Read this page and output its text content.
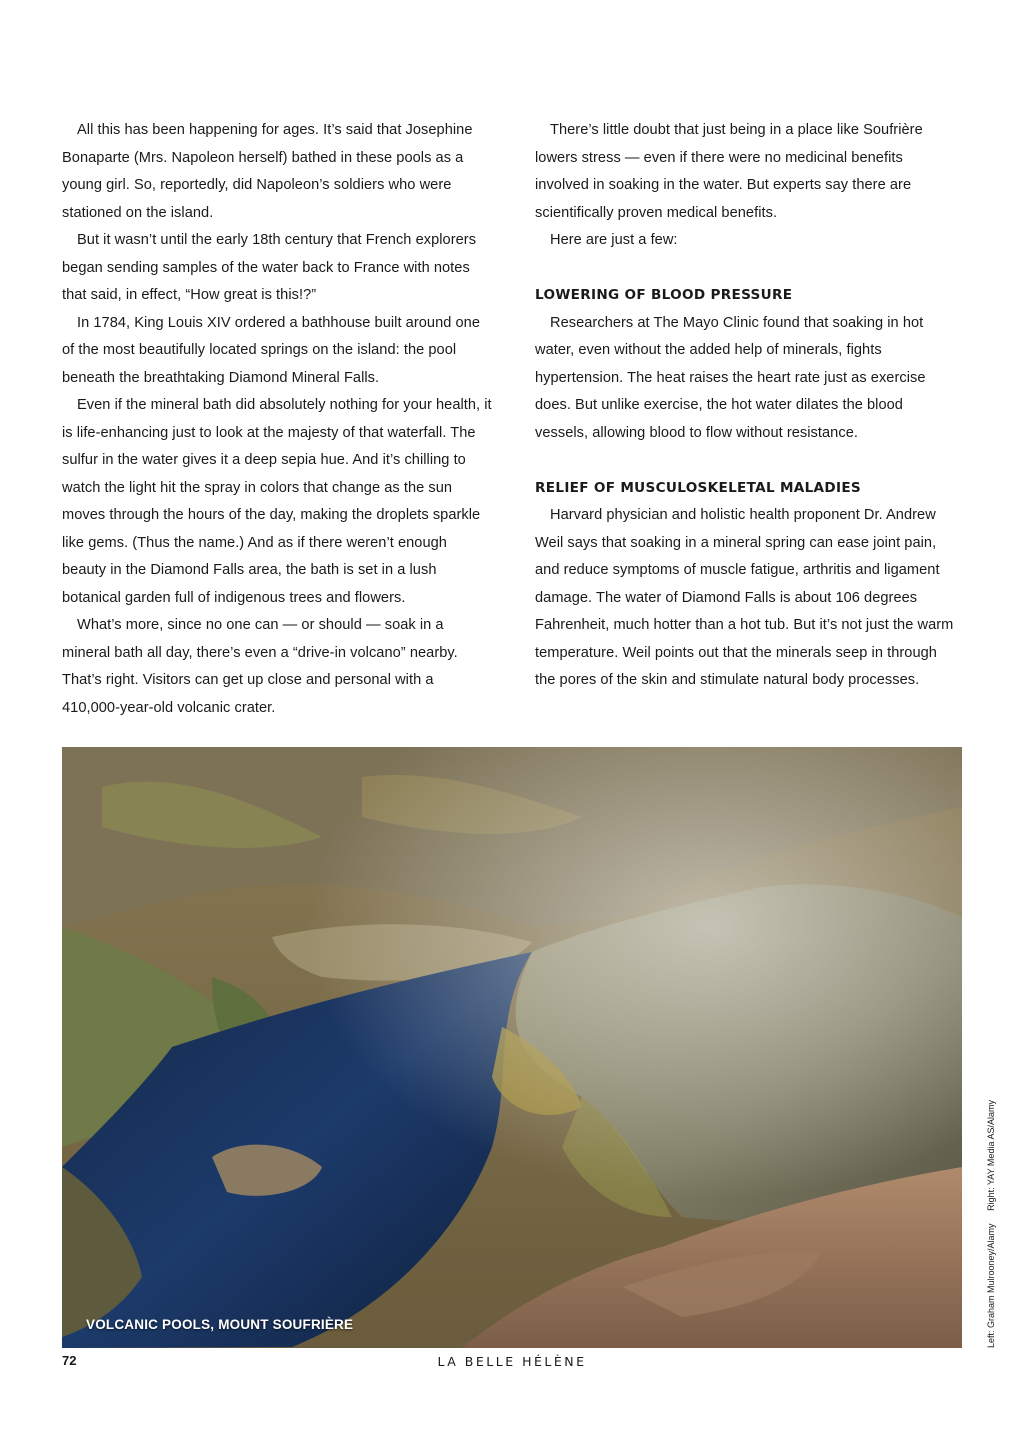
All this has been happening for ages. It’s said that Josephine Bonaparte (Mrs. Napoleon herself) bathed in these pools as a young girl. So, reportedly, did Napoleon’s soldiers who were stationed on the island.

But it wasn’t until the early 18th century that French explorers began sending samples of the water back to France with notes that said, in effect, “How great is this!?”

In 1784, King Louis XIV ordered a bathhouse built around one of the most beautifully located springs on the island: the pool beneath the breathtaking Diamond Mineral Falls.

Even if the mineral bath did absolutely nothing for your health, it is life-enhancing just to look at the majesty of that waterfall. The sulfur in the water gives it a deep sepia hue. And it’s chilling to watch the light hit the spray in colors that change as the sun moves through the hours of the day, making the droplets sparkle like gems. (Thus the name.) And as if there weren’t enough beauty in the Diamond Falls area, the bath is set in a lush botanical garden full of indigenous trees and flowers.

What’s more, since no one can — or should — soak in a mineral bath all day, there’s even a “drive-in volcano” nearby. That’s right. Visitors can get up close and personal with a 410,000-year-old volcanic crater.

There’s little doubt that just being in a place like Soufrière lowers stress — even if there were no medicinal benefits involved in soaking in the water. But experts say there are scientifically proven medical benefits.

Here are just a few:

LOWERING OF BLOOD PRESSURE

Researchers at The Mayo Clinic found that soaking in hot water, even without the added help of minerals, fights hypertension. The heat raises the heart rate just as exercise does. But unlike exercise, the hot water dilates the blood vessels, allowing blood to flow without resistance.

RELIEF OF MUSCULOSKELETAL MALADIES

Harvard physician and holistic health proponent Dr. Andrew Weil says that soaking in a mineral spring can ease joint pain, and reduce symptoms of muscle fatigue, arthritis and ligament damage. The water of Diamond Falls is about 106 degrees Fahrenheit, much hotter than a hot tub. But it’s not just the warm temperature. Weil points out that the minerals seep in through the pores of the skin and stimulate natural body processes.

VOLCANIC POOLS, MOUNT SOUFRIÈRE	Left: Graham Mulrooney/Alamy Right: YAY Media AS/Alamy
72	LA BELLE HÉLÈNE
